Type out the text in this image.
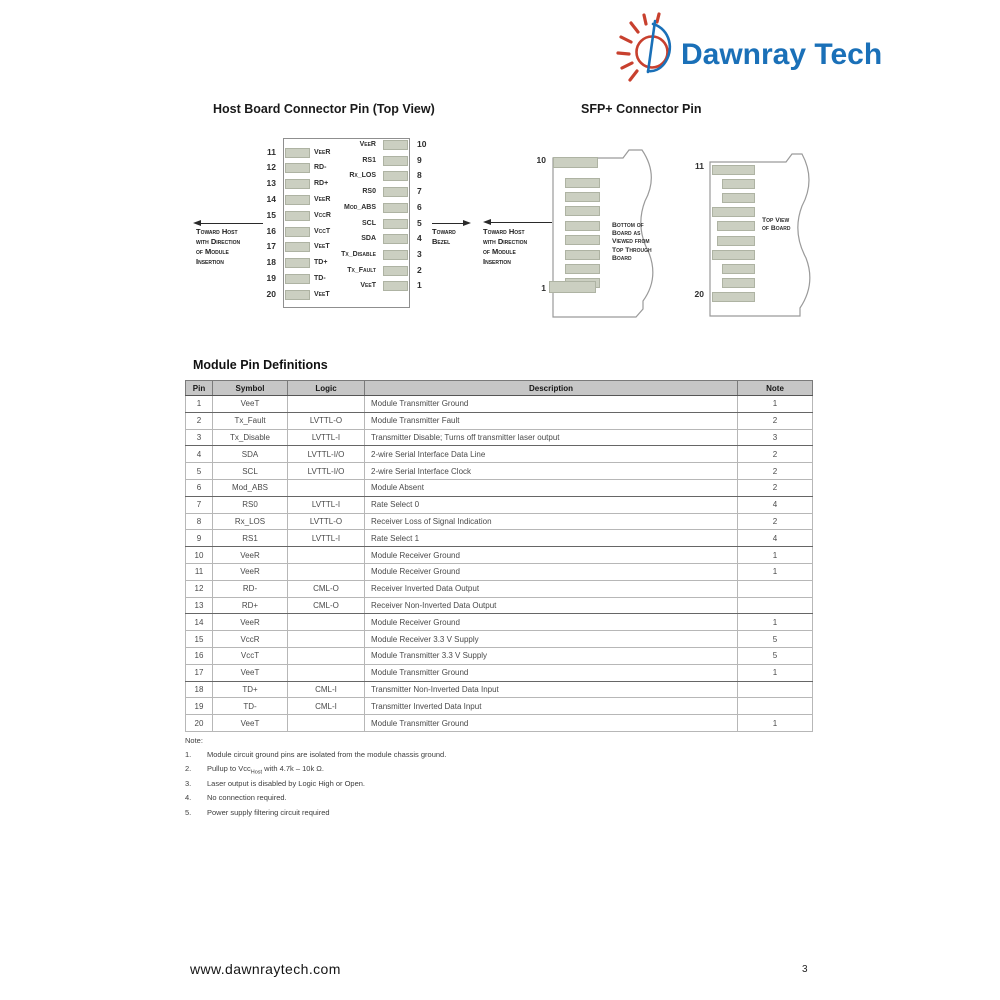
Dawnray Tech
Host Board Connector Pin (Top View)	SFP+ Connector Pin
Toward Host
with Direction
of Module
Insertion
Toward
Bezel
Toward Host
with Direction
of Module
Insertion
Bottom of
Board as
Viewed from
Top Through
Board
Top View
of Board
11	VeeR
12	RD-
13	RD+
14	VeeR
15	VccR
16	VccT
17	VeeT
18	TD+
19	TD-
20	VeeT
VeeR	10
RS1	9
Rx_LOS	8
RS0	7
Mod_ABS	6
SCL	5
SDA	4
Tx_Disable	3
Tx_Fault	2
VeeT	1
10
1
11
20
Module Pin Definitions
Pin	Symbol	Logic	Description	Note
1	VeeT		Module Transmitter Ground	1
2	Tx_Fault	LVTTL-O	Module Transmitter Fault	2
3	Tx_Disable	LVTTL-I	Transmitter Disable; Turns off transmitter laser output	3
4	SDA	LVTTL-I/O	2-wire Serial Interface Data Line	2
5	SCL	LVTTL-I/O	2-wire Serial Interface Clock	2
6	Mod_ABS		Module Absent	2
7	RS0	LVTTL-I	Rate Select 0	4
8	Rx_LOS	LVTTL-O	Receiver Loss of Signal Indication	2
9	RS1	LVTTL-I	Rate Select 1	4
10	VeeR		Module Receiver Ground	1
11	VeeR		Module Receiver Ground	1
12	RD-	CML-O	Receiver Inverted Data Output	
13	RD+	CML-O	Receiver Non-Inverted Data Output	
14	VeeR		Module Receiver Ground	1
15	VccR		Module Receiver 3.3 V Supply	5
16	VccT		Module Transmitter 3.3 V Supply	5
17	VeeT		Module Transmitter Ground	1
18	TD+	CML-I	Transmitter Non-Inverted Data Input	
19	TD-	CML-I	Transmitter Inverted Data Input	
20	VeeT		Module Transmitter Ground	1
Note:
1.	Module circuit ground pins are isolated from the module chassis ground.
2.	Pullup to Vcc$_{Host}$ with 4.7k – 10k Ω.
3.	Laser output is disabled by Logic High or Open.
4.	No connection required.
5.	Power supply filtering circuit required
www.dawnraytech.com	3
